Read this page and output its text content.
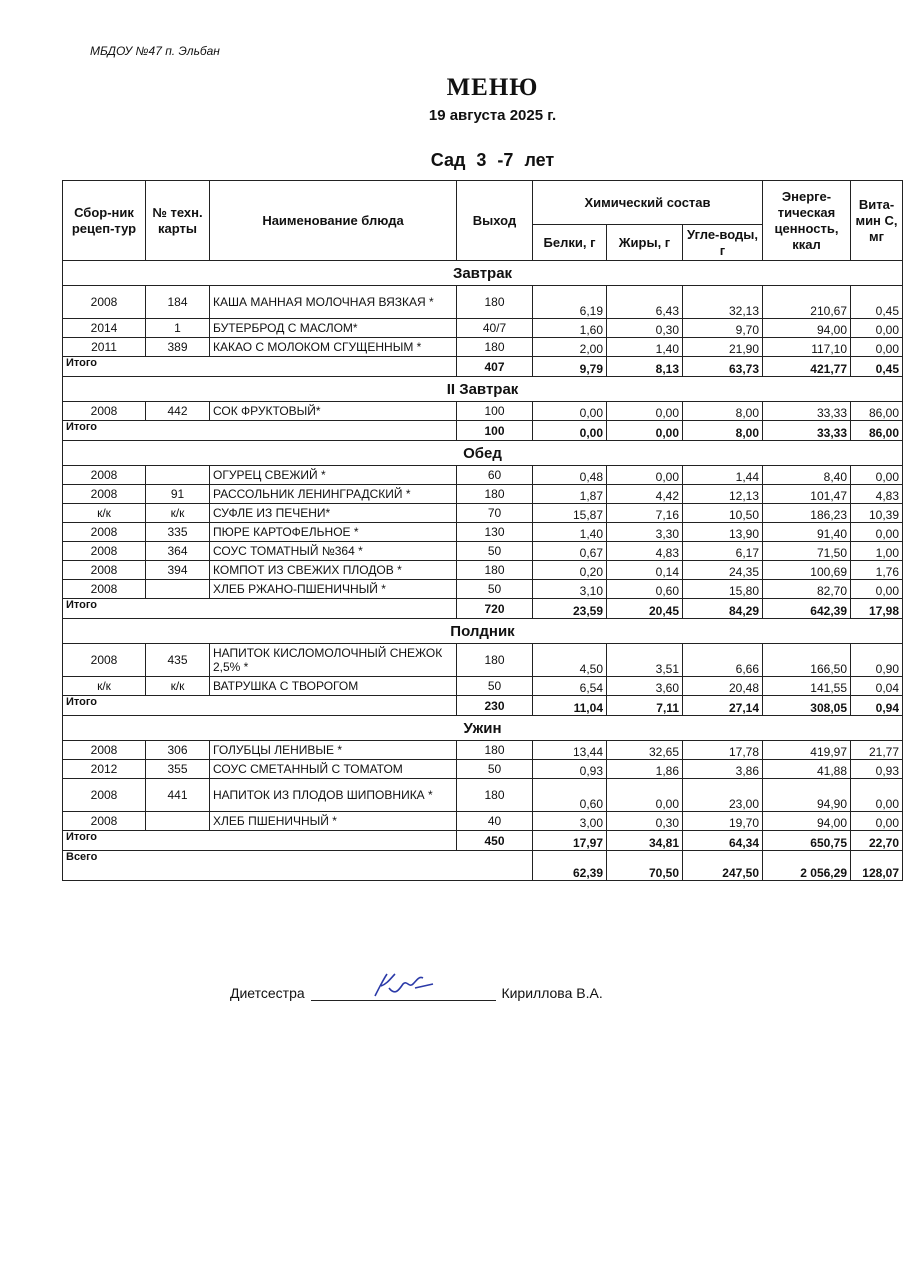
МБДОУ №47 п. Эльбан
МЕНЮ
19 августа 2025 г.
Сад 3 -7 лет
Сбор-ник рецеп-тур	№ техн. карты	Наименование блюда	Выход	Химический состав			Энерге-тическая ценность, ккал	Вита-мин С, мг
				Белки, г	Жиры, г	Угле-воды, г		
Завтрак								
2008	184	КАША МАННАЯ МОЛОЧНАЯ ВЯЗКАЯ *	180	6,19	6,43	32,13	210,67	0,45
2014	1	БУТЕРБРОД С МАСЛОМ*	40/7	1,60	0,30	9,70	94,00	0,00
2011	389	КАКАО С МОЛОКОМ СГУЩЕННЫМ *	180	2,00	1,40	21,90	117,10	0,00
Итого			407	9,79	8,13	63,73	421,77	0,45
II Завтрак								
2008	442	СОК ФРУКТОВЫЙ*	100	0,00	0,00	8,00	33,33	86,00
Итого			100	0,00	0,00	8,00	33,33	86,00
Обед								
2008		ОГУРЕЦ СВЕЖИЙ *	60	0,48	0,00	1,44	8,40	0,00
2008	91	РАССОЛЬНИК ЛЕНИНГРАДСКИЙ *	180	1,87	4,42	12,13	101,47	4,83
к/к	к/к	СУФЛЕ ИЗ ПЕЧЕНИ*	70	15,87	7,16	10,50	186,23	10,39
2008	335	ПЮРЕ КАРТОФЕЛЬНОЕ *	130	1,40	3,30	13,90	91,40	0,00
2008	364	СОУС ТОМАТНЫЙ №364 *	50	0,67	4,83	6,17	71,50	1,00
2008	394	КОМПОТ ИЗ СВЕЖИХ ПЛОДОВ *	180	0,20	0,14	24,35	100,69	1,76
2008		ХЛЕБ РЖАНО-ПШЕНИЧНЫЙ *	50	3,10	0,60	15,80	82,70	0,00
Итого			720	23,59	20,45	84,29	642,39	17,98
Полдник								
2008	435	НАПИТОК КИСЛОМОЛОЧНЫЙ СНЕЖОК 2,5% *	180	4,50	3,51	6,66	166,50	0,90
к/к	к/к	ВАТРУШКА С ТВОРОГОМ	50	6,54	3,60	20,48	141,55	0,04
Итого			230	11,04	7,11	27,14	308,05	0,94
Ужин								
2008	306	ГОЛУБЦЫ ЛЕНИВЫЕ *	180	13,44	32,65	17,78	419,97	21,77
2012	355	СОУС СМЕТАННЫЙ С ТОМАТОМ	50	0,93	1,86	3,86	41,88	0,93
2008	441	НАПИТОК ИЗ ПЛОДОВ ШИПОВНИКА *	180	0,60	0,00	23,00	94,90	0,00
2008		ХЛЕБ ПШЕНИЧНЫЙ *	40	3,00	0,30	19,70	94,00	0,00
Итого			450	17,97	34,81	64,34	650,75	22,70
Всего				62,39	70,50	247,50	2 056,29	128,07
Диетсестра	Кириллова В.А.
